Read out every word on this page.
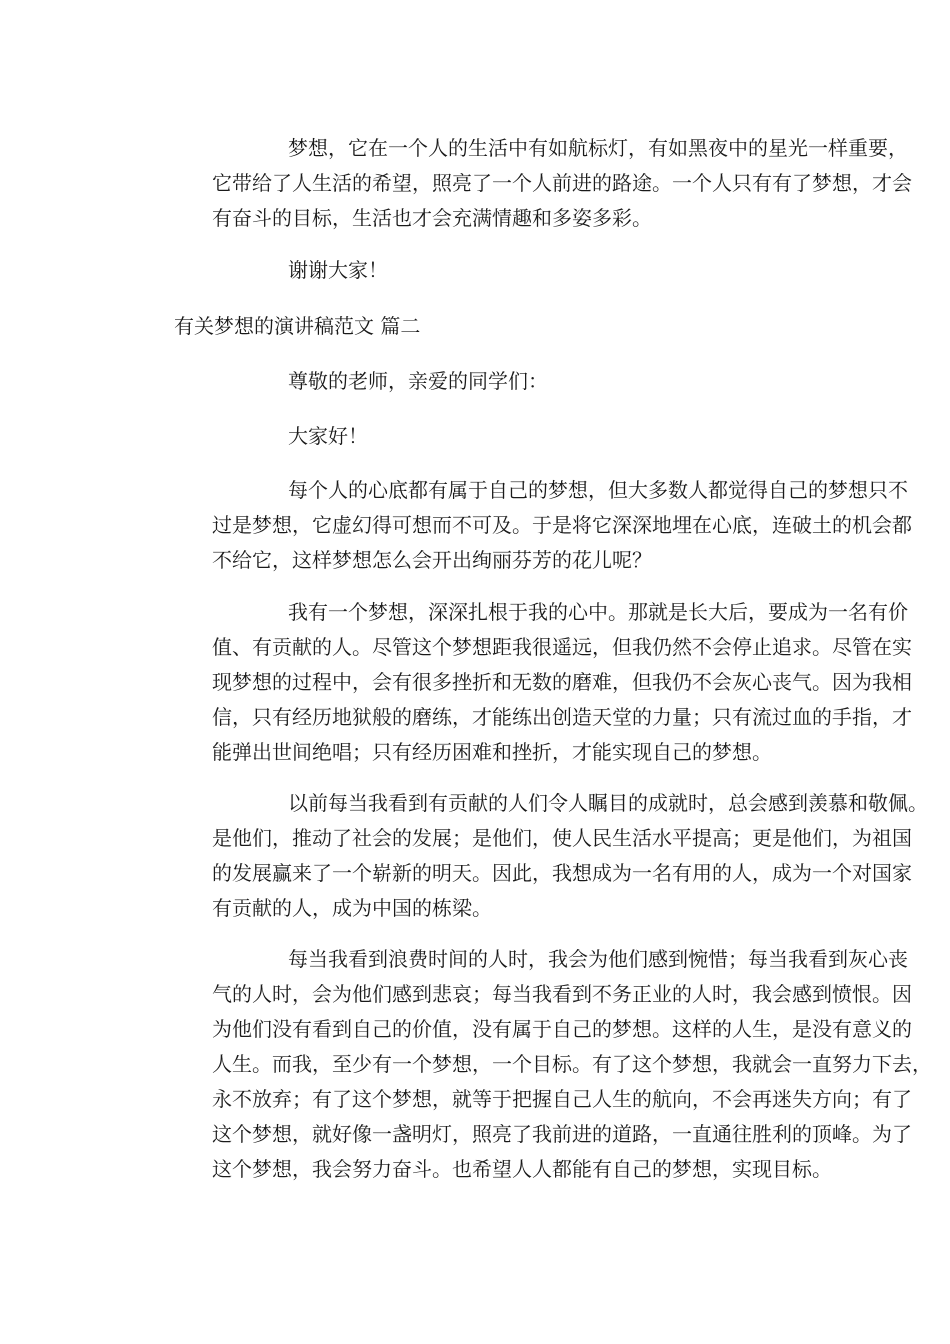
梦想，它在一个人的生活中有如航标灯，有如黑夜中的星光一样重要，
它带给了人生活的希望，照亮了一个人前进的路途。一个人只有有了梦想，才会
有奋斗的目标，生活也才会充满情趣和多姿多彩。
谢谢大家！
有关梦想的演讲稿范文 篇二
尊敬的老师，亲爱的同学们：
大家好！
每个人的心底都有属于自己的梦想，但大多数人都觉得自己的梦想只不
过是梦想，它虚幻得可想而不可及。于是将它深深地埋在心底，连破土的机会都
不给它，这样梦想怎么会开出绚丽芬芳的花儿呢？
我有一个梦想，深深扎根于我的心中。那就是长大后，要成为一名有价
值、有贡献的人。尽管这个梦想距我很遥远，但我仍然不会停止追求。尽管在实
现梦想的过程中，会有很多挫折和无数的磨难，但我仍不会灰心丧气。因为我相
信，只有经历地狱般的磨练，才能练出创造天堂的力量；只有流过血的手指，才
能弹出世间绝唱；只有经历困难和挫折，才能实现自己的梦想。
以前每当我看到有贡献的人们令人瞩目的成就时，总会感到羡慕和敬佩。
是他们，推动了社会的发展；是他们，使人民生活水平提高；更是他们，为祖国
的发展赢来了一个崭新的明天。因此，我想成为一名有用的人，成为一个对国家
有贡献的人，成为中国的栋梁。
每当我看到浪费时间的人时，我会为他们感到惋惜；每当我看到灰心丧
气的人时，会为他们感到悲哀；每当我看到不务正业的人时，我会感到愤恨。因
为他们没有看到自己的价值，没有属于自己的梦想。这样的人生，是没有意义的
人生。而我，至少有一个梦想，一个目标。有了这个梦想，我就会一直努力下去，
永不放弃；有了这个梦想，就等于把握自己人生的航向，不会再迷失方向；有了
这个梦想，就好像一盏明灯，照亮了我前进的道路，一直通往胜利的顶峰。为了
这个梦想，我会努力奋斗。也希望人人都能有自己的梦想，实现目标。
